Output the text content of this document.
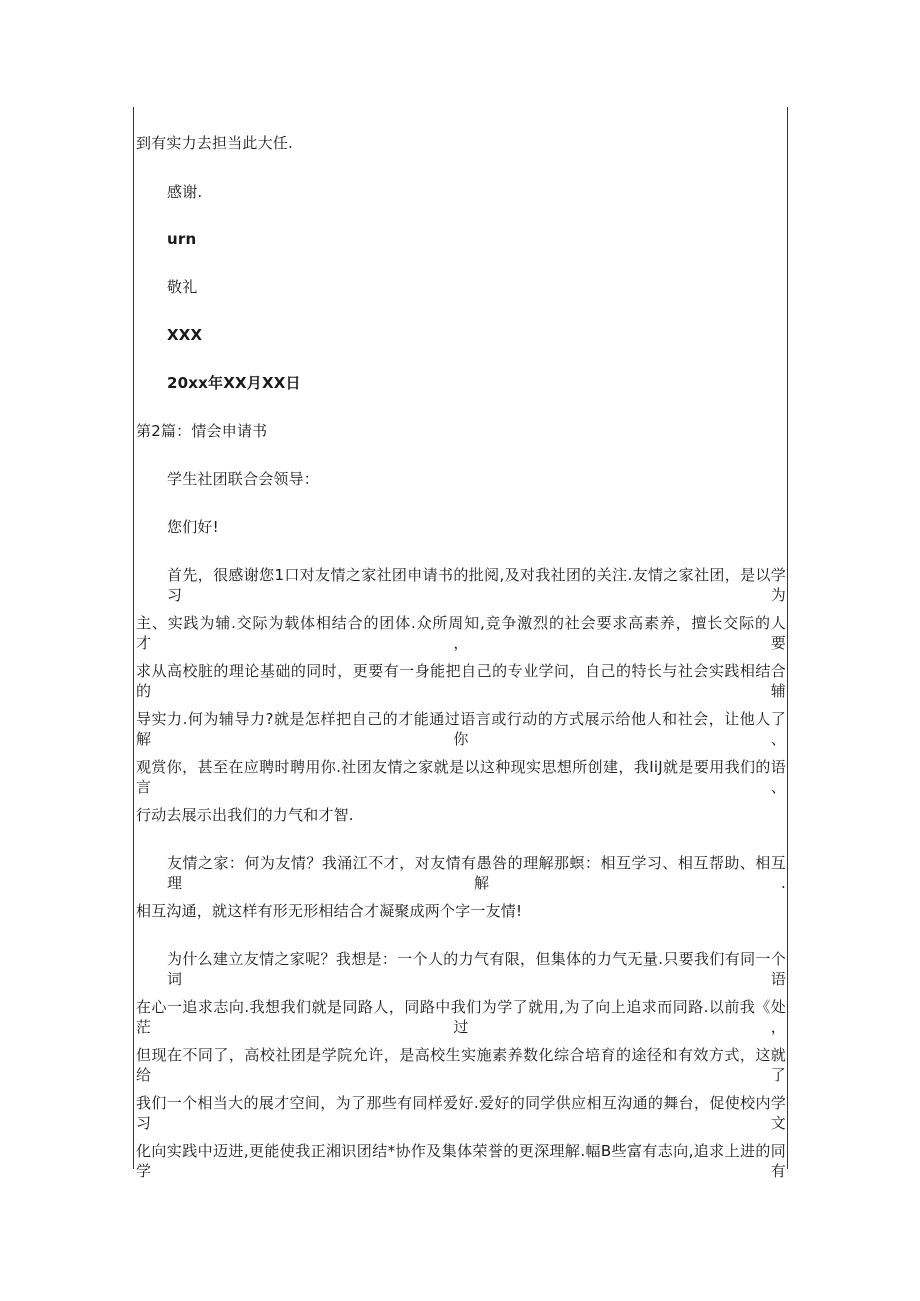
到有实力去担当此大任.
感谢.
urn
敬礼
XXX
20xx年XX月XX日
第2篇：情会申请书
学生社团联合会领导：
您们好!
首先，很感谢您1口对友情之家社团申请书的批阅,及对我社团的关注.友情之家社团，是以学习为
主、实践为辅.交际为载体相结合的团体.众所周知,竞争激烈的社会要求高素养，擅长交际的人才，要
求从高校脏的理论基础的同时，更要有一身能把自己的专业学问，自己的特长与社会实践相结合的辅
导实力.何为辅导力?就是怎样把自己的才能通过语言或行动的方式展示给他人和社会，让他人了解你、
观赏你，甚至在应聘时聘用你.社团友情之家就是以这种现实思想所创建，我IiJ就是要用我们的语言、
行动去展示出我们的力气和才智.
友情之家：何为友情？我涌江不才，对友情有愚咎的理解那螟：相互学习、相互帮助、相互理解.
相互沟通，就这样有形无形相结合才凝聚成两个字一友情!
为什么建立友情之家呢？我想是：一个人的力气有限，但集体的力气无量.只要我们有同一个词语
在心一追求志向.我想我们就是同路人，同路中我们为学了就用,为了向上追求而同路.以前我《处茫过，
但现在不同了，高校社团是学院允许，是高校生实施素养数化综合培育的途径和有效方式，这就给了
我们一个相当大的展才空间，为了那些有同样爱好.爱好的同学供应相互沟通的舞台，促使校内学习文
化向实践中迈进,更能使我正湘识团结*协作及集体荣誉的更深理解.幅B些富有志向,追求上进的同学有
